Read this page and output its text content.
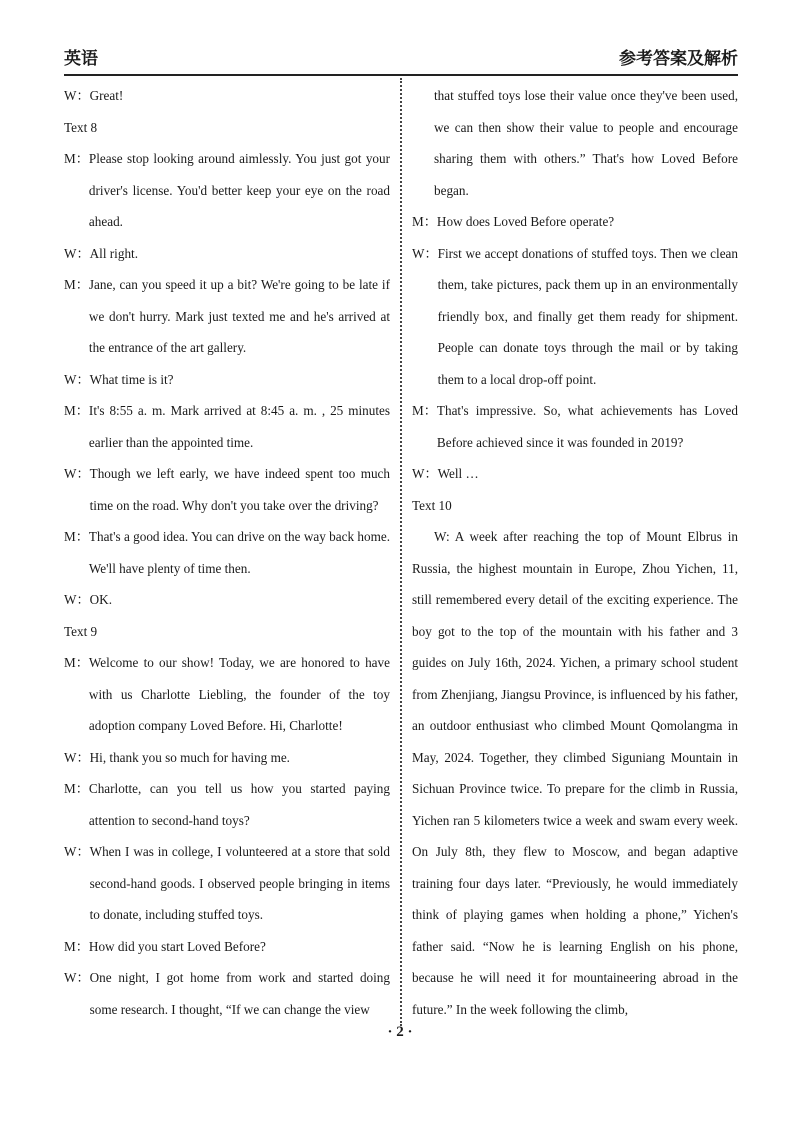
英语	参考答案及解析
W： Great!
Text 8
M： Please stop looking around aimlessly. You just got your driver's license. You'd better keep your eye on the road ahead.
W： All right.
M： Jane, can you speed it up a bit? We're going to be late if we don't hurry. Mark just texted me and he's arrived at the entrance of the art gallery.
W： What time is it?
M： It's 8:55 a. m. Mark arrived at 8:45 a. m. , 25 minutes earlier than the appointed time.
W： Though we left early, we have indeed spent too much time on the road. Why don't you take over the driving?
M： That's a good idea. You can drive on the way back home. We'll have plenty of time then.
W： OK.
Text 9
M： Welcome to our show! Today, we are honored to have with us Charlotte Liebling, the founder of the toy adoption company Loved Before. Hi, Charlotte!
W： Hi, thank you so much for having me.
M： Charlotte, can you tell us how you started paying attention to second-hand toys?
W： When I was in college, I volunteered at a store that sold second-hand goods. I observed people bringing in items to donate, including stuffed toys.
M： How did you start Loved Before?
W： One night, I got home from work and started doing some research. I thought, “If we can change the view
that stuffed toys lose their value once they've been used, we can then show their value to people and encourage sharing them with others.” That's how Loved Before began.
M： How does Loved Before operate?
W： First we accept donations of stuffed toys. Then we clean them, take pictures, pack them up in an environmentally friendly box, and finally get them ready for shipment. People can donate toys through the mail or by taking them to a local drop-off point.
M： That's impressive. So, what achievements has Loved Before achieved since it was founded in 2019?
W： Well …
Text 10
W: A week after reaching the top of Mount Elbrus in Russia, the highest mountain in Europe, Zhou Yichen, 11, still remembered every detail of the exciting experience. The boy got to the top of the mountain with his father and 3 guides on July 16th, 2024. Yichen, a primary school student from Zhenjiang, Jiangsu Province, is influenced by his father, an outdoor enthusiast who climbed Mount Qomolangma in May, 2024. Together, they climbed Siguniang Mountain in Sichuan Province twice. To prepare for the climb in Russia, Yichen ran 5 kilometers twice a week and swam every week. On July 8th, they flew to Moscow, and began adaptive training four days later. “Previously, he would immediately think of playing games when holding a phone,” Yichen's father said. “Now he is learning English on his phone, because he will need it for mountaineering abroad in the future.” In the week following the climb,
· 2 ·
